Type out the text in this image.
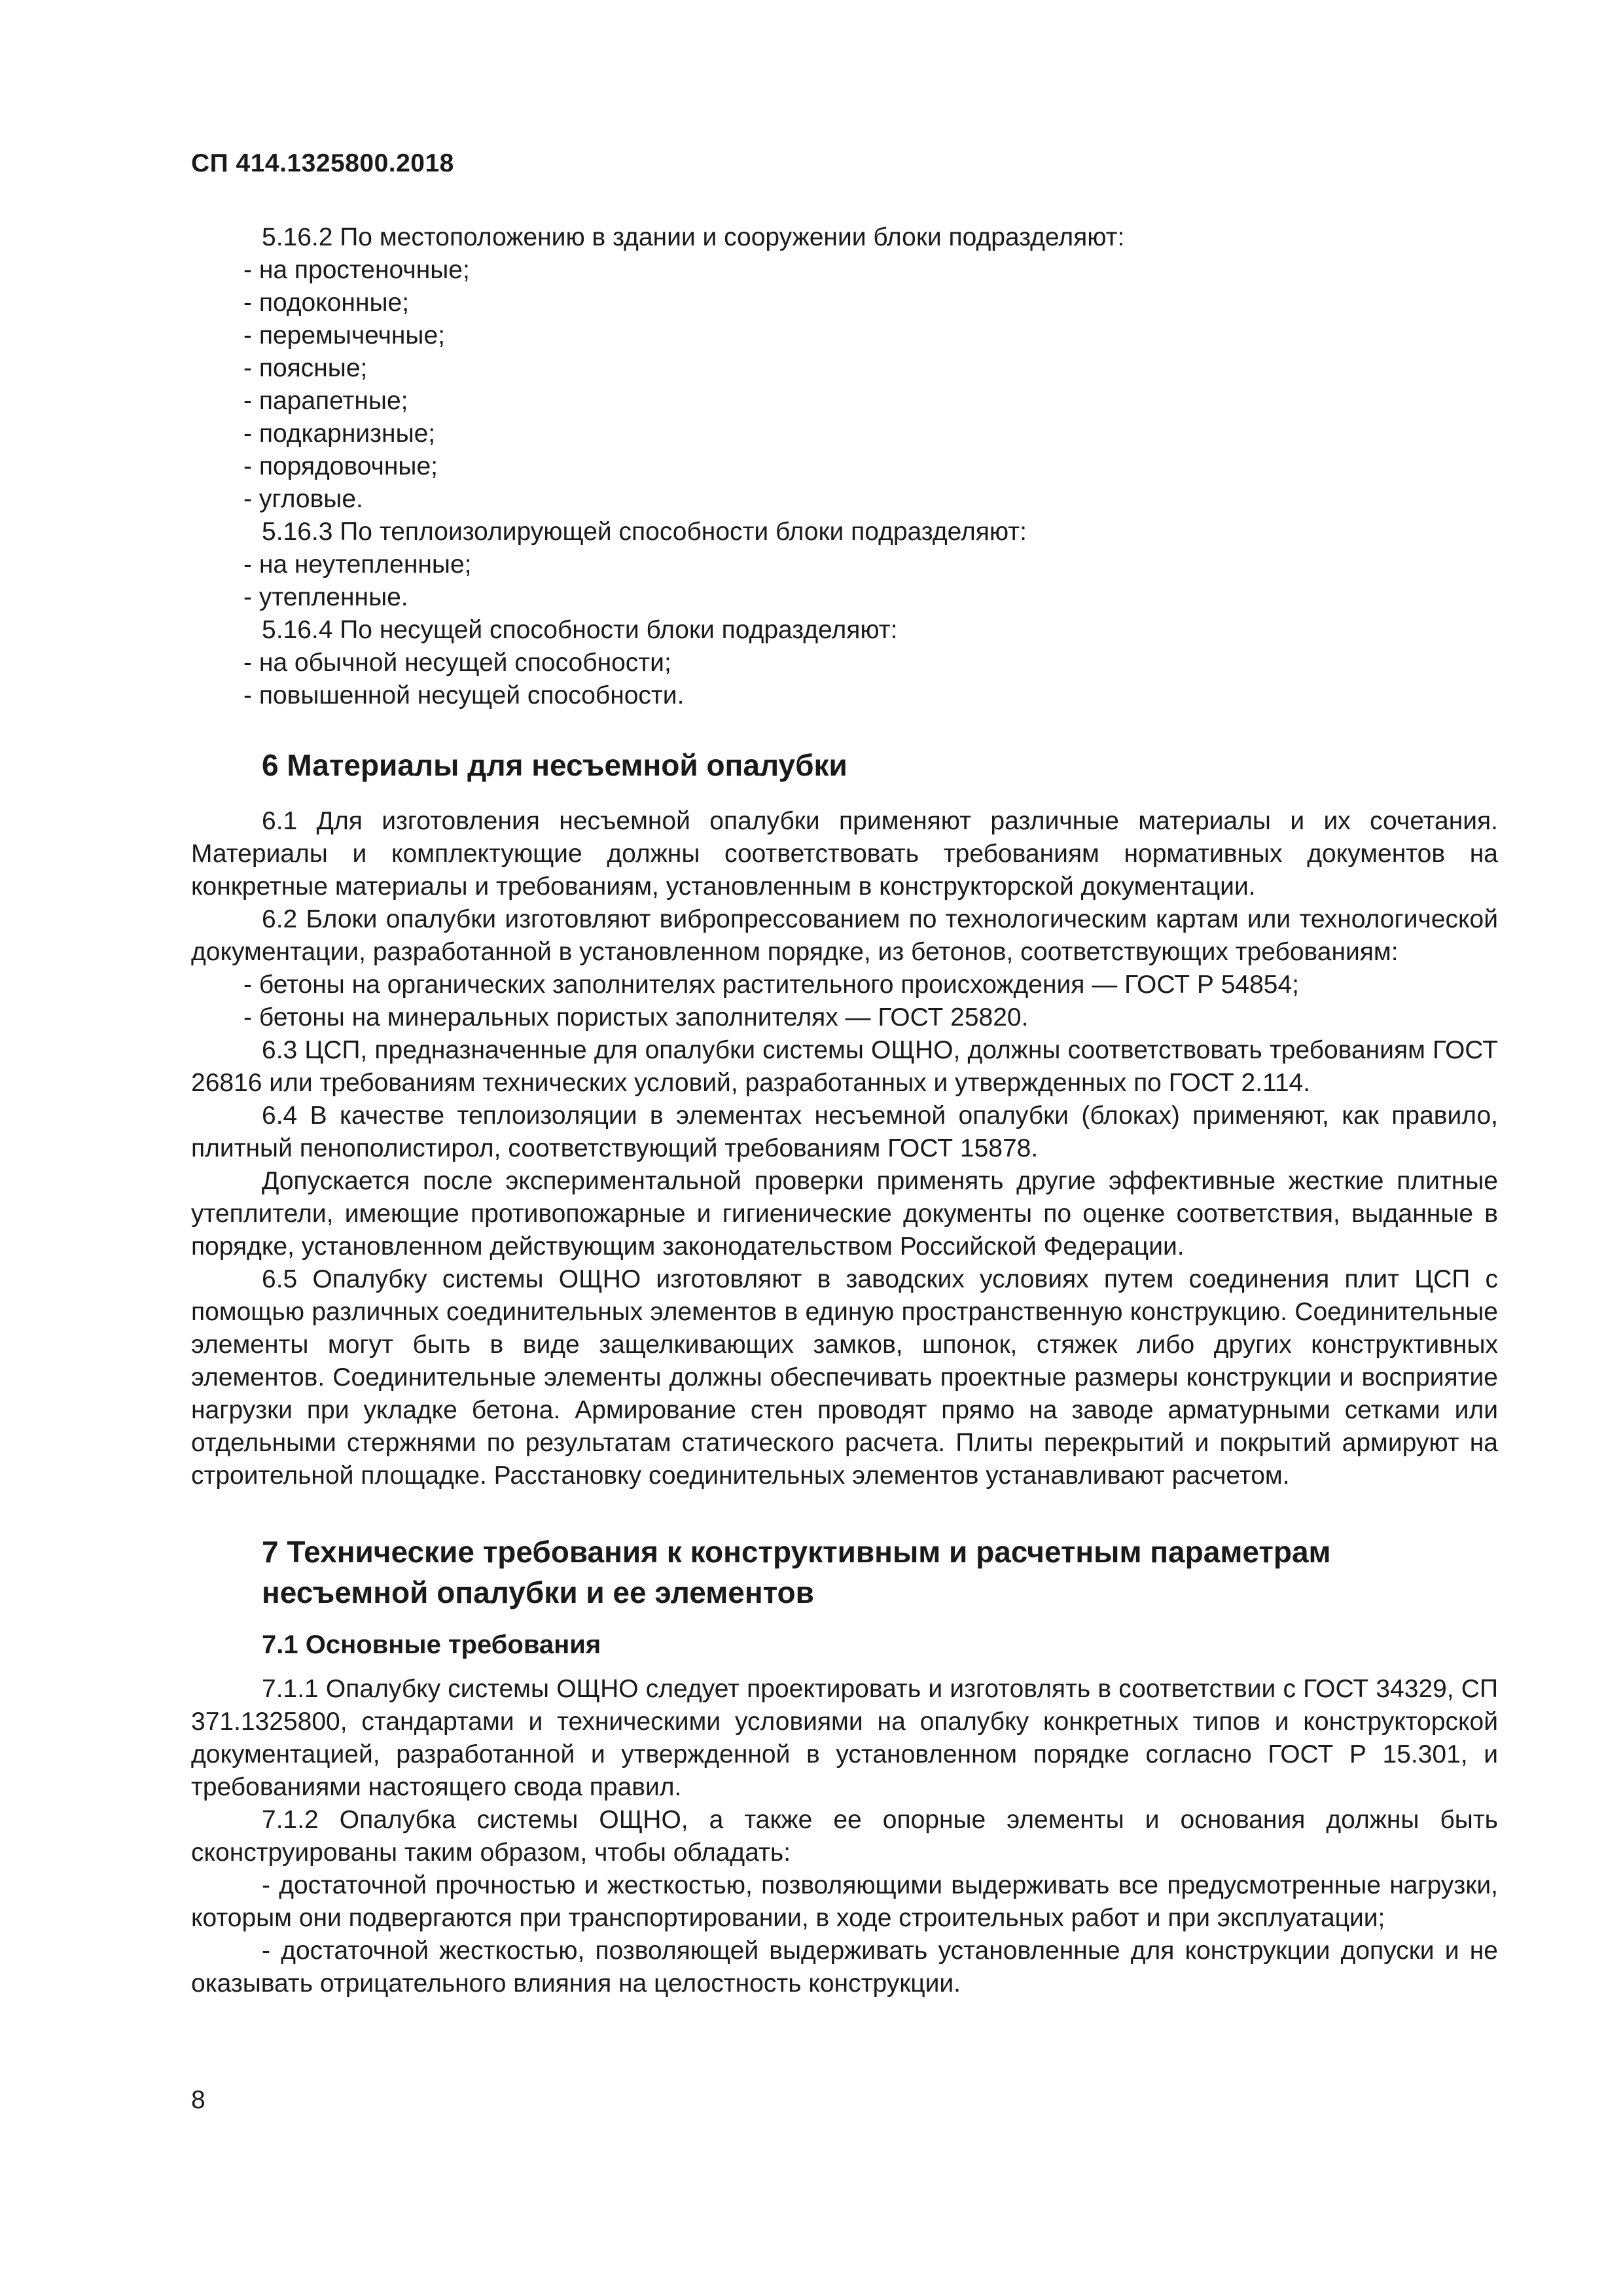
СП 414.1325800.2018

5.16.2 По местоположению в здании и сооружении блоки подразделяют:

- на простеночные;

- подоконные;

- перемычечные;

- поясные;

- парапетные;

- подкарнизные;

- порядовочные;

- угловые.

5.16.3 По теплоизолирующей способности блоки подразделяют:

- на неутепленные;

- утепленные.

5.16.4 По несущей способности блоки подразделяют:

- на обычной несущей способности;

- повышенной несущей способности.

6 Материалы для несъемной опалубки

6.1 Для изготовления несъемной опалубки применяют различные материалы и их сочетания. Материалы и комплектующие должны соответствовать требованиям нормативных документов на конкретные материалы и требованиям, установленным в конструкторской документации.

6.2 Блоки опалубки изготовляют вибропрессованием по технологическим картам или технологической документации, разработанной в установленном порядке, из бетонов, соответствующих требованиям:

- бетоны на органических заполнителях растительного происхождения — ГОСТ Р 54854;

- бетоны на минеральных пористых заполнителях — ГОСТ 25820.

6.3 ЦСП, предназначенные для опалубки системы ОЩНО, должны соответствовать требованиям ГОСТ 26816 или требованиям технических условий, разработанных и утвержденных по ГОСТ 2.114.

6.4 В качестве теплоизоляции в элементах несъемной опалубки (блоках) применяют, как правило, плитный пенополистирол, соответствующий требованиям ГОСТ 15878.

Допускается после экспериментальной проверки применять другие эффективные жесткие плитные утеплители, имеющие противопожарные и гигиенические документы по оценке соответствия, выданные в порядке, установленном действующим законодательством Российской Федерации.

6.5 Опалубку системы ОЩНО изготовляют в заводских условиях путем соединения плит ЦСП с помощью различных соединительных элементов в единую пространственную конструкцию. Соединительные элементы могут быть в виде защелкивающих замков, шпонок, стяжек либо других конструктивных элементов. Соединительные элементы должны обеспечивать проектные размеры конструкции и восприятие нагрузки при укладке бетона. Армирование стен проводят прямо на заводе арматурными сетками или отдельными стержнями по результатам статического расчета. Плиты перекрытий и покрытий армируют на строительной площадке. Расстановку соединительных элементов устанавливают расчетом.

7 Технические требования к конструктивным и расчетным параметрам несъемной опалубки и ее элементов
7.1 Основные требования

7.1.1 Опалубку системы ОЩНО следует проектировать и изготовлять в соответствии с ГОСТ 34329, СП 371.1325800, стандартами и техническими условиями на опалубку конкретных типов и конструкторской документацией, разработанной и утвержденной в установленном порядке согласно ГОСТ Р 15.301, и требованиями настоящего свода правил.

7.1.2 Опалубка системы ОЩНО, а также ее опорные элементы и основания должны быть сконструированы таким образом, чтобы обладать:

- достаточной прочностью и жесткостью, позволяющими выдерживать все предусмотренные нагрузки, которым они подвергаются при транспортировании, в ходе строительных работ и при эксплуатации;

- достаточной жесткостью, позволяющей выдерживать установленные для конструкции допуски и не оказывать отрицательного влияния на целостность конструкции.

8
